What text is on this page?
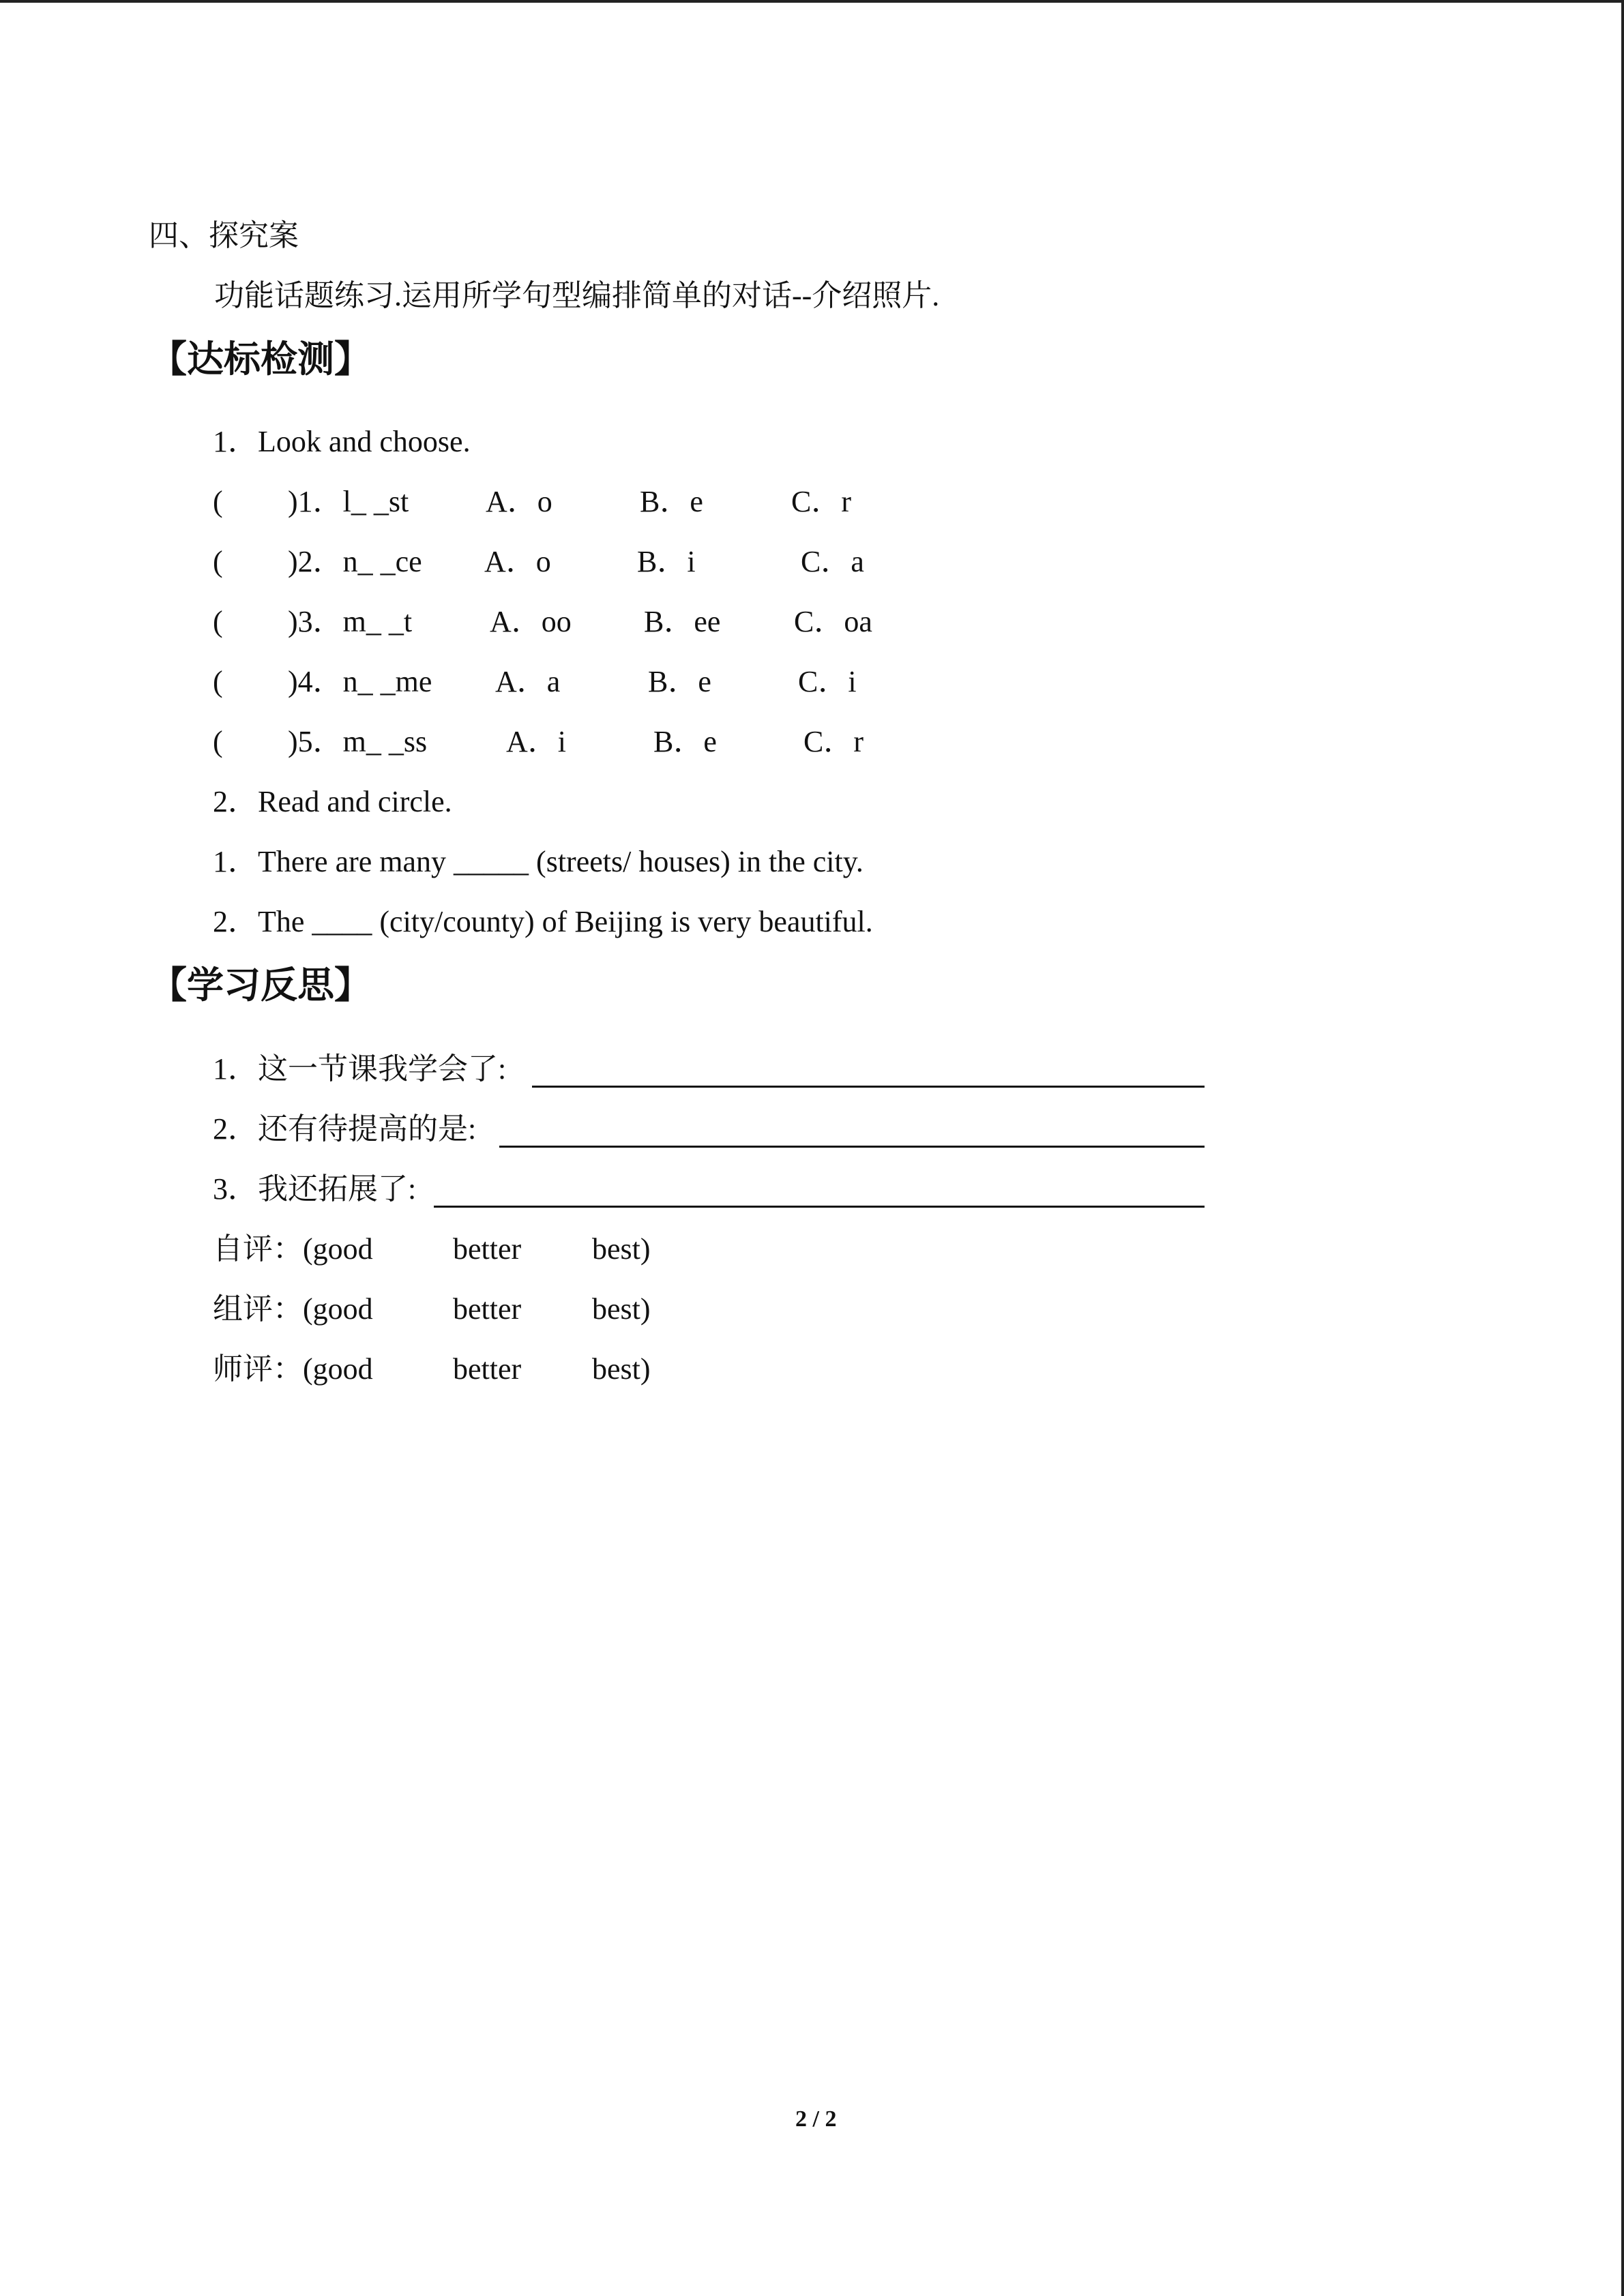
四、探究案
功能话题练习.运用所学句型编排简单的对话--介绍照片.
【达标检测】
1．Look and choose.
( )1．l_ _st	A．o	B．e	C．r
( )2．n_ _ce A．o	B．i	C．a
( )3．m_ _t	A．oo B．ee C．oa
( )4．n_ _me A．a	B．e	C．i
( )5．m_ _ss	A．i	B．e	C．r
2．Read and circle.
1．There are many _____ (streets/ houses) in the city.
2．The ____ (city/county) of Beijing is very beautiful.
【学习反思】
1．这一节课我学会了:
2．还有待提高的是:
3．我还拓展了:
自评：(good	better best)
组评：(good	better best)
师评：(good	better best)
2 / 2
